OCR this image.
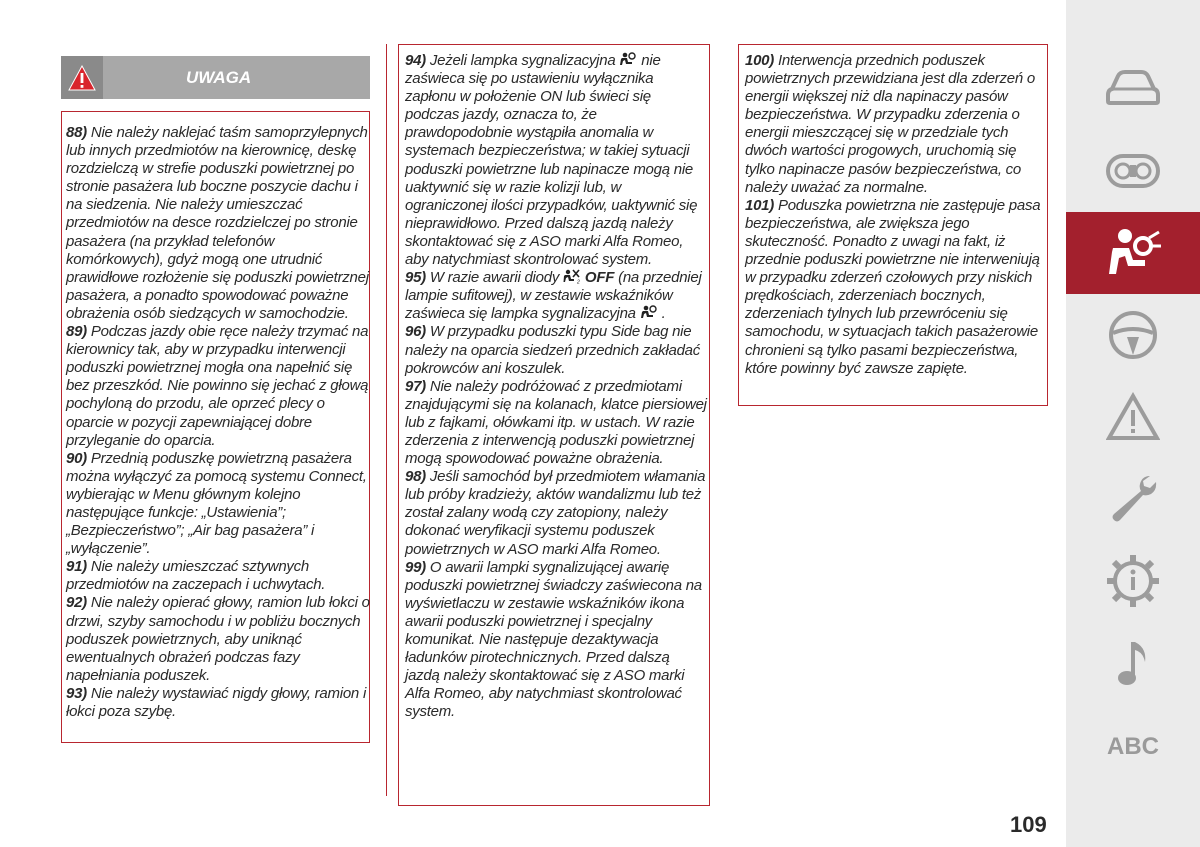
UWAGA

88) Nie należy naklejać taśm samoprzylepnych lub innych przedmiotów na kierownicę, deskę rozdzielczą w strefie poduszki powietrznej po stronie pasażera lub boczne poszycie dachu i na siedzenia. Nie należy umieszczać przedmiotów na desce rozdzielczej po stronie pasażera (na przykład telefonów komórkowych), gdyż mogą one utrudnić prawidłowe rozłożenie się poduszki powietrznej pasażera, a ponadto spowodować poważne obrażenia osób siedzących w samochodzie.

89) Podczas jazdy obie ręce należy trzymać na kierownicy tak, aby w przypadku interwencji poduszki powietrznej mogła ona napełnić się bez przeszkód. Nie powinno się jechać z głową pochyloną do przodu, ale oprzeć plecy o oparcie w pozycji zapewniającej dobre przyleganie do oparcia.

90) Przednią poduszkę powietrzną pasażera można wyłączyć za pomocą systemu Connect, wybierając w Menu głównym kolejno następujące funkcje: „Ustawienia”; „Bezpieczeństwo”; „Air bag pasażera” i „wyłączenie”.

91) Nie należy umieszczać sztywnych przedmiotów na zaczepach i uchwytach.

92) Nie należy opierać głowy, ramion lub łokci o drzwi, szyby samochodu i w pobliżu bocznych poduszek powietrznych, aby uniknąć ewentualnych obrażeń podczas fazy napełniania poduszek.

93) Nie należy wystawiać nigdy głowy, ramion i łokci poza szybę.

94) Jeżeli lampka sygnalizacyjna  nie zaświeca się po ustawieniu wyłącznika zapłonu w położenie ON lub świeci się podczas jazdy, oznacza to, że prawdopodobnie wystąpiła anomalia w systemach bezpieczeństwa; w takiej sytuacji poduszki powietrzne lub napinacze mogą nie uaktywnić się w razie kolizji lub, w ograniczonej ilości przypadków, uaktywnić się nieprawidłowo. Przed dalszą jazdą należy skontaktować się z ASO marki Alfa Romeo, aby natychmiast skontrolować system.

95) W razie awarii diody	2 OFF (na przedniej lampie sufitowej), w zestawie wskaźników zaświeca się lampka sygnalizacyjna  .

96) W przypadku poduszki typu Side bag nie należy na oparcia siedzeń przednich zakładać pokrowców ani koszulek.

97) Nie należy podróżować z przedmiotami znajdującymi się na kolanach, klatce piersiowej lub z fajkami, ołówkami itp. w ustach. W razie zderzenia z interwencją poduszki powietrznej mogą spowodować poważne obrażenia.

98) Jeśli samochód był przedmiotem włamania lub próby kradzieży, aktów wandalizmu lub też został zalany wodą czy zatopiony, należy dokonać weryfikacji systemu poduszek powietrznych w ASO marki Alfa Romeo.

99) O awarii lampki sygnalizującej awarię poduszki powietrznej świadczy zaświecona na wyświetlaczu w zestawie wskaźników ikona awarii poduszki powietrznej i specjalny komunikat. Nie następuje dezaktywacja ładunków pirotechnicznych. Przed dalszą jazdą należy skontaktować się z ASO marki Alfa Romeo, aby natychmiast skontrolować system.

100) Interwencja przednich poduszek powietrznych przewidziana jest dla zderzeń o energii większej niż dla napinaczy pasów bezpieczeństwa. W przypadku zderzenia o energii mieszczącej się w przedziale tych dwóch wartości progowych, uruchomią się tylko napinacze pasów bezpieczeństwa, co należy uważać za normalne.

101) Poduszka powietrzna nie zastępuje pasa bezpieczeństwa, ale zwiększa jego skuteczność. Ponadto z uwagi na fakt, iż przednie poduszki powietrzne nie interweniują w przypadku zderzeń czołowych przy niskich prędkościach, zderzeniach bocznych, zderzeniach tylnych lub przewróceniu się samochodu, w sytuacjach takich pasażerowie chronieni są tylko pasami bezpieczeństwa, które powinny być zawsze zapięte.

ABC
109
